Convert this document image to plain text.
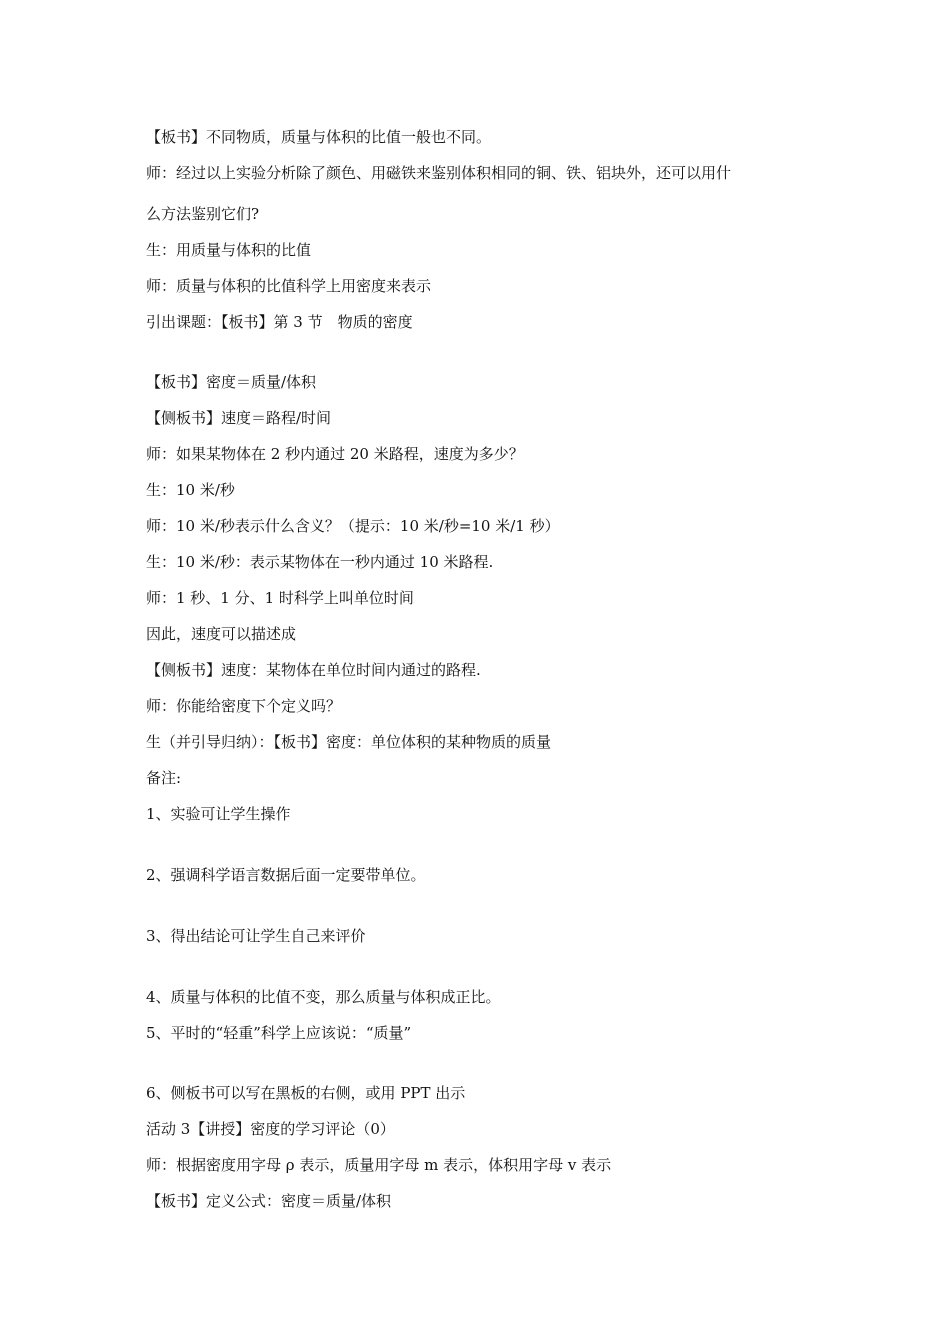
【板书】不同物质，质量与体积的比值一般也不同。
师：经过以上实验分析除了颜色、用磁铁来鉴别体积相同的铜、铁、铝块外，还可以用什
么方法鉴别它们?
生：用质量与体积的比值
师：质量与体积的比值科学上用密度来表示
引出课题：【板书】第 3 节　物质的密度
【板书】密度＝质量/体积
【侧板书】速度＝路程/时间
师：如果某物体在 2 秒内通过 20 米路程，速度为多少？
生：10 米/秒
师：10 米/秒表示什么含义？（提示：10 米/秒=10 米/1 秒）
生：10 米/秒：表示某物体在一秒内通过 10 米路程.
师：1 秒、1 分、1 时科学上叫单位时间
因此，速度可以描述成
【侧板书】速度：某物体在单位时间内通过的路程.
师：你能给密度下个定义吗？
生（并引导归纳）：【板书】密度：单位体积的某种物质的质量
备注:
1、实验可让学生操作
2、强调科学语言数据后面一定要带单位。
3、得出结论可让学生自己来评价
4、质量与体积的比值不变，那么质量与体积成正比。
5、平时的“轻重”科学上应该说：“质量”
6、侧板书可以写在黑板的右侧，或用 PPT 出示
活动 3【讲授】密度的学习评论（0）
师：根据密度用字母 ρ 表示，质量用字母 m 表示，体积用字母 v 表示
【板书】定义公式：密度＝质量/体积
